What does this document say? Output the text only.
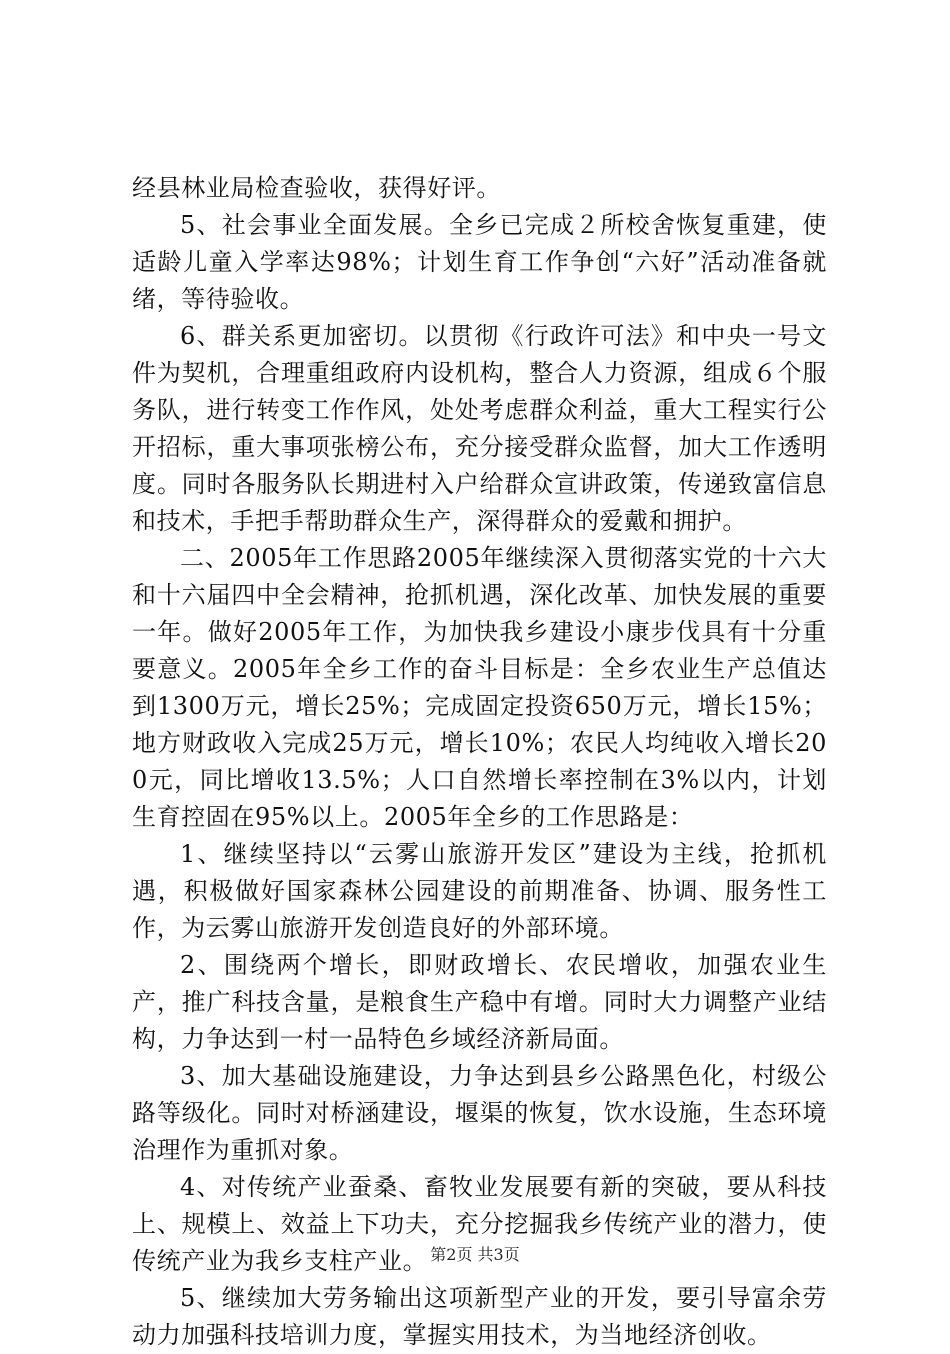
经县林业局检查验收，获得好评。

5、社会事业全面发展。全乡已完成２所校舍恢复重建，使适龄儿童入学率达98%；计划生育工作争创“六好”活动准备就绪，等待验收。

6、群关系更加密切。以贯彻《行政许可法》和中央一号文件为契机，合理重组政府内设机构，整合人力资源，组成６个服务队，进行转变工作作风，处处考虑群众利益，重大工程实行公开招标，重大事项张榜公布，充分接受群众监督，加大工作透明度。同时各服务队长期进村入户给群众宣讲政策，传递致富信息和技术，手把手帮助群众生产，深得群众的爱戴和拥护。

二、2005年工作思路2005年继续深入贯彻落实党的十六大和十六届四中全会精神，抢抓机遇，深化改革、加快发展的重要一年。做好2005年工作，为加快我乡建设小康步伐具有十分重要意义。2005年全乡工作的奋斗目标是：全乡农业生产总值达到1300万元，增长25%；完成固定投资650万元，增长15%；地方财政收入完成25万元，增长10%；农民人均纯收入增长200元，同比增收13.5%；人口自然增长率控制在3%以内，计划生育控固在95%以上。2005年全乡的工作思路是：

1、继续坚持以“云雾山旅游开发区”建设为主线，抢抓机遇，积极做好国家森林公园建设的前期准备、协调、服务性工作，为云雾山旅游开发创造良好的外部环境。

2、围绕两个增长，即财政增长、农民增收，加强农业生产，推广科技含量，是粮食生产稳中有增。同时大力调整产业结构，力争达到一村一品特色乡域经济新局面。

3、加大基础设施建设，力争达到县乡公路黑色化，村级公路等级化。同时对桥涵建设，堰渠的恢复，饮水设施，生态环境治理作为重抓对象。

4、对传统产业蚕桑、畜牧业发展要有新的突破，要从科技上、规模上、效益上下功夫，充分挖掘我乡传统产业的潜力，使传统产业为我乡支柱产业。

5、继续加大劳务输出这项新型产业的开发，要引导富余劳动力加强科技培训力度，掌握实用技术，为当地经济创收。

第2页 共3页
